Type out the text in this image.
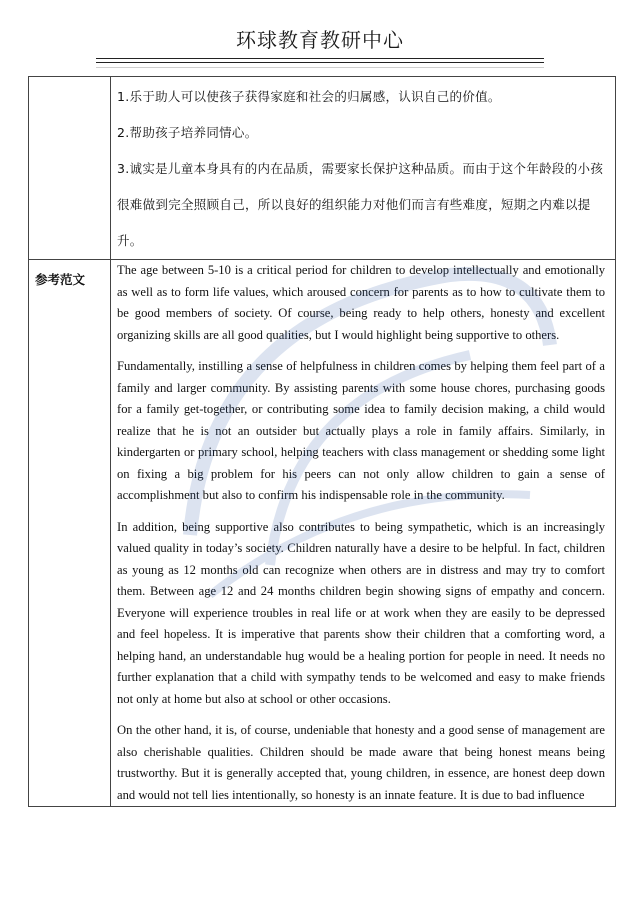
环球教育教研中心

	1.乐于助人可以使孩子获得家庭和社会的归属感，认识自己的价值。
2.帮助孩子培养同情心。
3.诚实是儿童本身具有的内在品质，需要家长保护这种品质。而由于这个年龄段的小孩很难做到完全照顾自己，所以良好的组织能力对他们而言有些难度，短期之内难以提升。

参考范文	The age between 5-10 is a critical period for children to develop intellectually and emotionally as well as to form life values, which aroused concern for parents as to how to cultivate them to be good members of society. Of course, being ready to help others, honesty and excellent organizing skills are all good qualities, but I would highlight being supportive to others.

Fundamentally, instilling a sense of helpfulness in children comes by helping them feel part of a family and larger community. By assisting parents with some house chores, purchasing goods for a family get-together, or contributing some idea to family decision making, a child would realize that he is not an outsider but actually plays a role in family affairs. Similarly, in kindergarten or primary school, helping teachers with class management or shedding some light on fixing a big problem for his peers can not only allow children to gain a sense of accomplishment but also to confirm his indispensable role in the community.

In addition, being supportive also contributes to being sympathetic, which is an increasingly valued quality in today’s society. Children naturally have a desire to be helpful. In fact, children as young as 12 months old can recognize when others are in distress and may try to comfort them. Between age 12 and 24 months children begin showing signs of empathy and concern. Everyone will experience troubles in real life or at work when they are easily to be depressed and feel hopeless. It is imperative that parents show their children that a comforting word, a helping hand, an understandable hug would be a healing portion for people in need. It needs no further explanation that a child with sympathy tends to be welcomed and easy to make friends not only at home but also at school or other occasions.

On the other hand, it is, of course, undeniable that honesty and a good sense of management are also cherishable qualities. Children should be made aware that being honest means being trustworthy. But it is generally accepted that, young children, in essence, are honest deep down and would not tell lies intentionally, so honesty is an innate feature. It is due to bad influence
